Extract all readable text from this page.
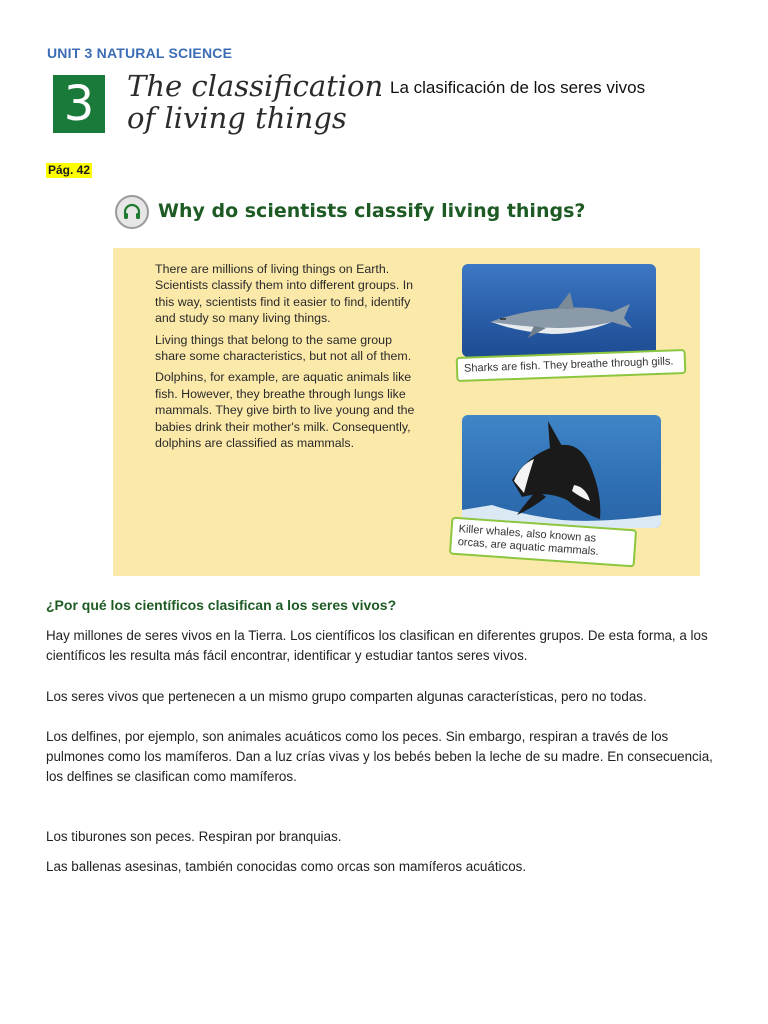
UNIT 3 NATURAL SCIENCE
3	The classification
of living things
La clasificación de los seres vivos
Pág. 42
Why do scientists classify living things?

There are millions of living things on Earth. Scientists classify them into different groups. In this way, scientists find it easier to find, identify and study so many living things.

Living things that belong to the same group share some characteristics, but not all of them.

Dolphins, for example, are aquatic animals like fish. However, they breathe through lungs like mammals. They give birth to live young and the babies drink their mother's milk. Consequently, dolphins are classified as mammals.

Sharks are fish. They breathe through gills.
Killer whales, also known as orcas, are aquatic mammals.
¿Por qué los científicos clasifican a los seres vivos?
Hay millones de seres vivos en la Tierra. Los científicos los clasifican en diferentes grupos. De esta forma, a los científicos les resulta más fácil encontrar, identificar y estudiar tantos seres vivos.
Los seres vivos que pertenecen a un mismo grupo comparten algunas características, pero no todas.
Los delfines, por ejemplo, son animales acuáticos como los peces. Sin embargo, respiran a través de los pulmones como los mamíferos. Dan a luz crías vivas y los bebés beben la leche de su madre. En consecuencia, los delfines se clasifican como mamíferos.
Los tiburones son peces. Respiran por branquias.
Las ballenas asesinas, también conocidas como orcas son mamíferos acuáticos.
